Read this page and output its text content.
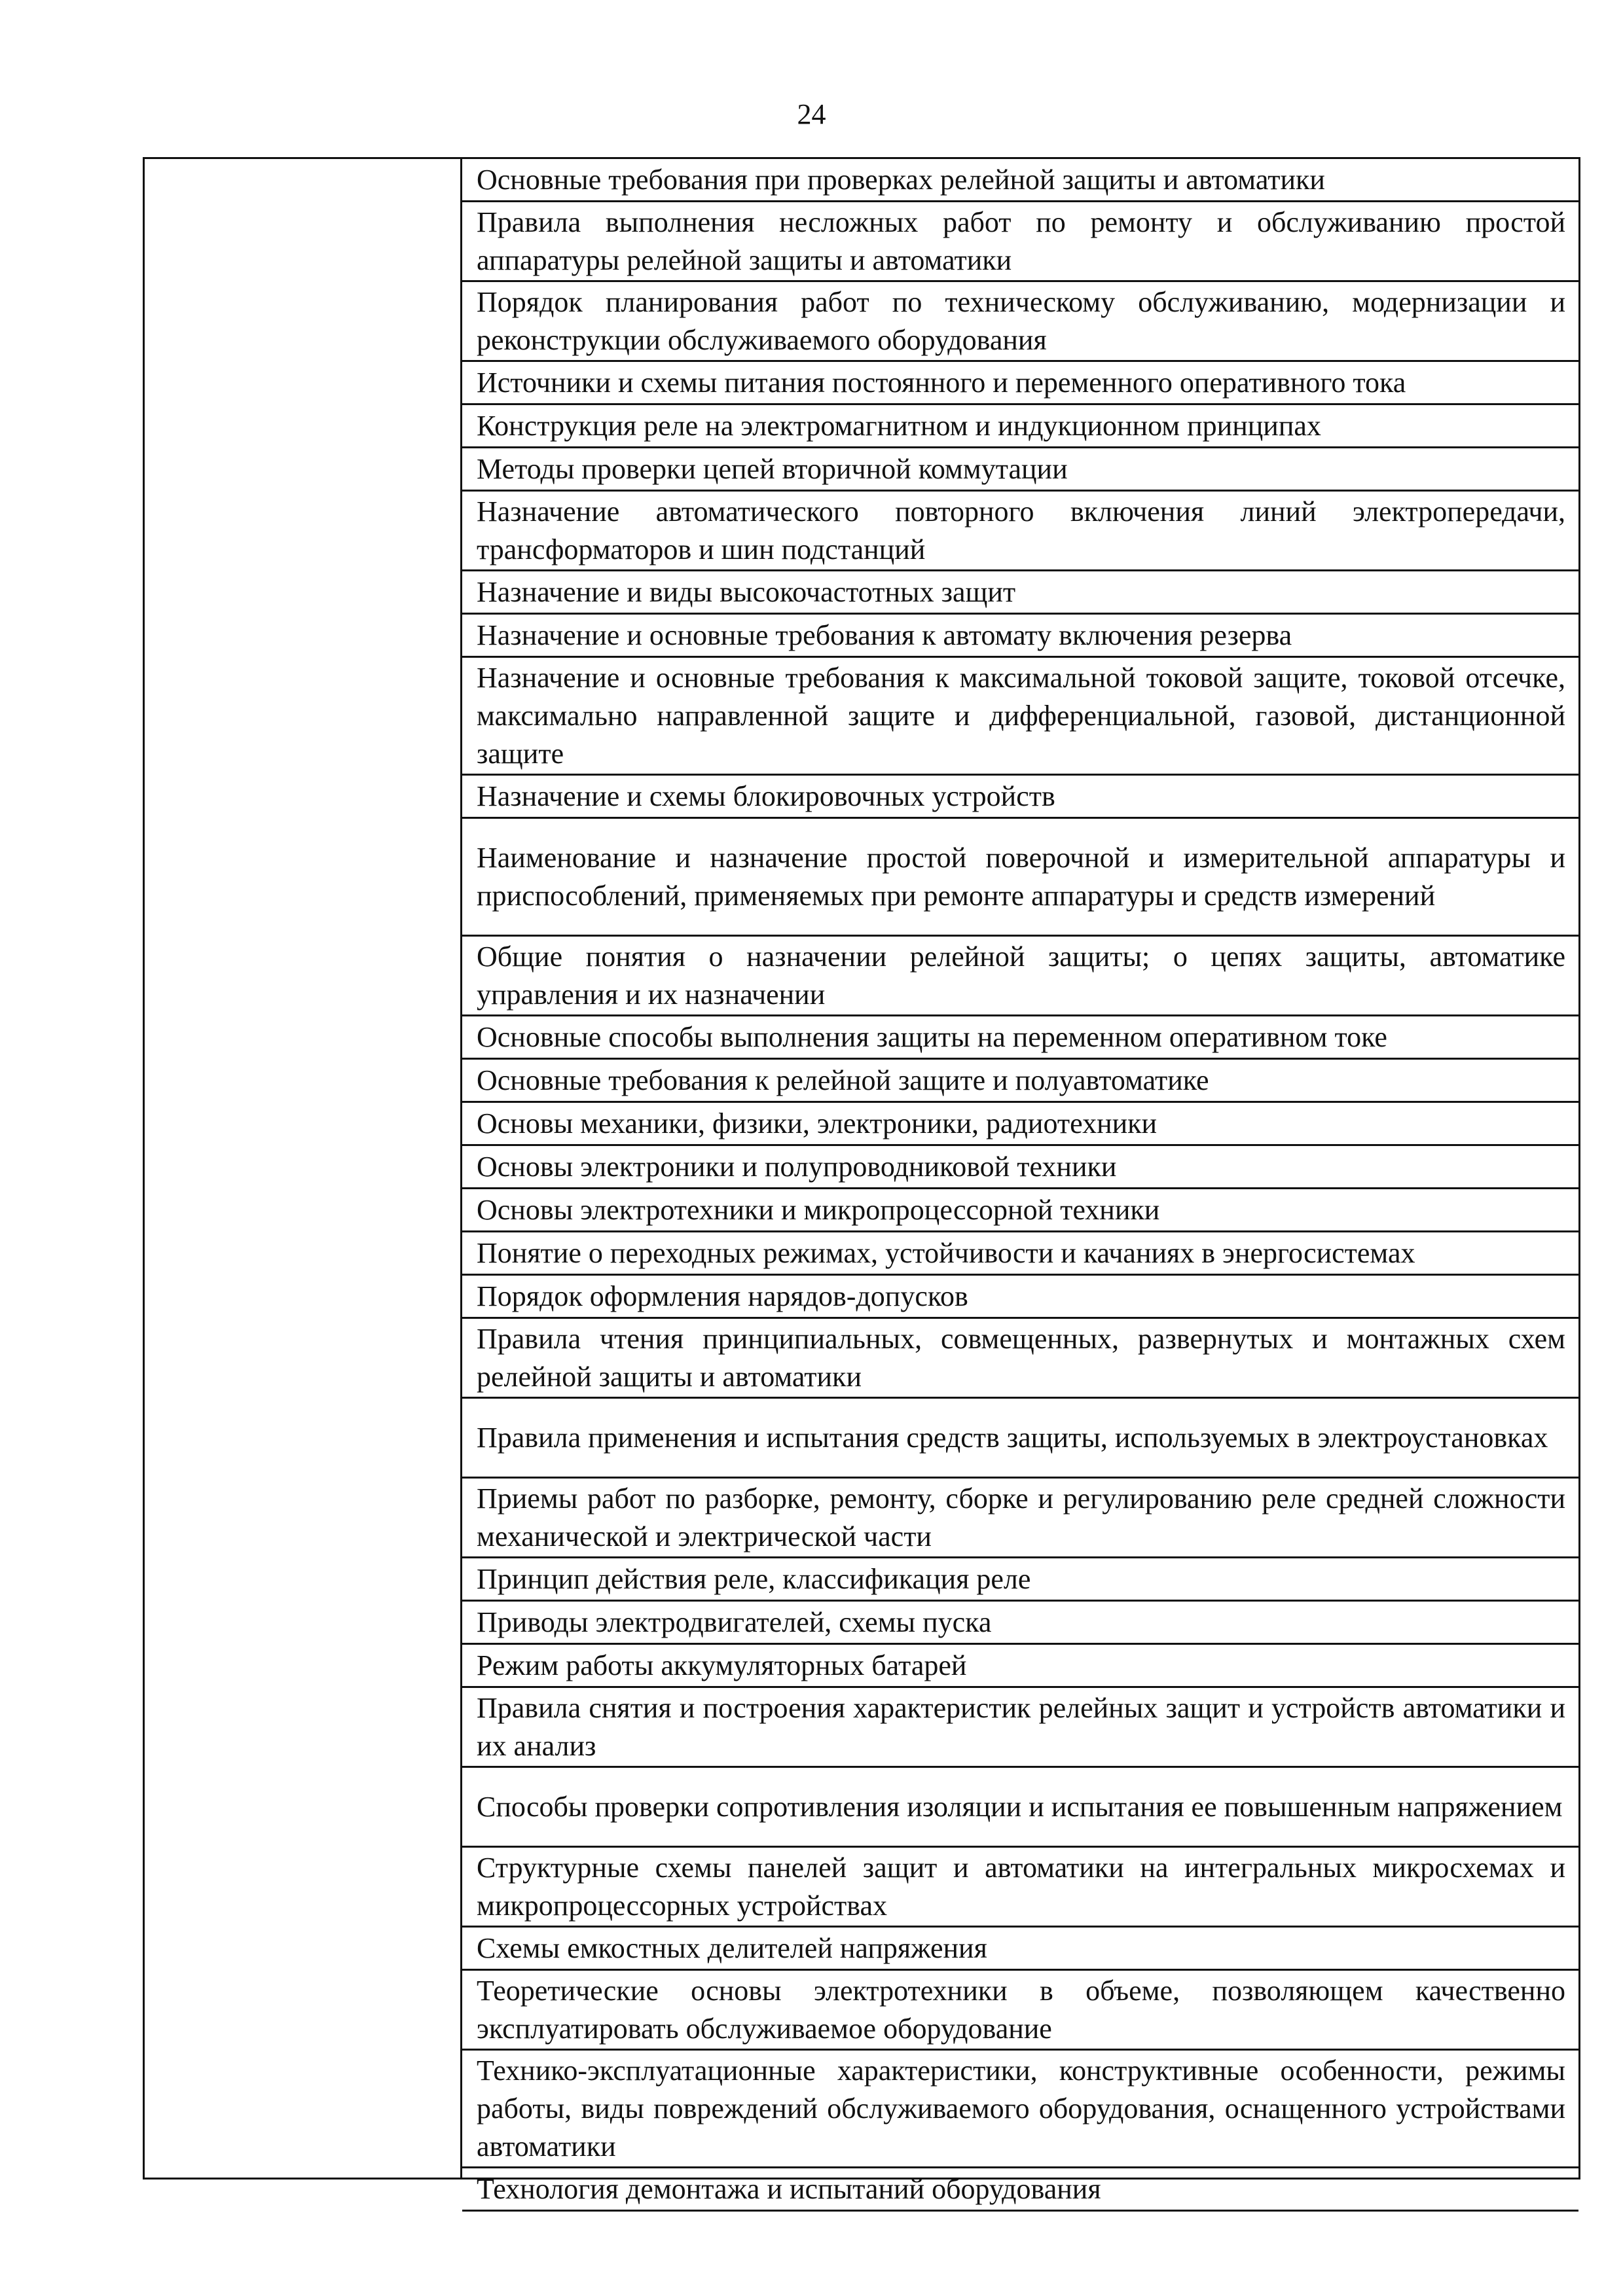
24
Основные требования при проверках релейной защиты и автоматики
Правила выполнения несложных работ по ремонту и обслуживанию простой аппаратуры релейной защиты и автоматики
Порядок планирования работ по техническому обслуживанию, модернизации и реконструкции обслуживаемого оборудования
Источники и схемы питания постоянного и переменного оперативного тока
Конструкция реле на электромагнитном и индукционном принципах
Методы проверки цепей вторичной коммутации
Назначение автоматического повторного включения линий электропередачи, трансформаторов и шин подстанций
Назначение и виды высокочастотных защит
Назначение и основные требования к автомату включения резерва
Назначение и основные требования к максимальной токовой защите, токовой отсечке, максимально направленной защите и дифференциальной, газовой, дистанционной защите
Назначение и схемы блокировочных устройств
Наименование и назначение простой поверочной и измерительной аппаратуры и приспособлений, применяемых при ремонте аппаратуры и средств измерений
Общие понятия о назначении релейной защиты; о цепях защиты, автоматике управления и их назначении
Основные способы выполнения защиты на переменном оперативном токе
Основные требования к релейной защите и полуавтоматике
Основы механики, физики, электроники, радиотехники
Основы электроники и полупроводниковой техники
Основы электротехники и микропроцессорной техники
Понятие о переходных режимах, устойчивости и качаниях в энергосистемах
Порядок оформления нарядов-допусков
Правила чтения принципиальных, совмещенных, развернутых и монтажных схем релейной защиты и автоматики
Правила применения и испытания средств защиты, используемых в электроустановках
Приемы работ по разборке, ремонту, сборке и регулированию реле средней сложности механической и электрической части
Принцип действия реле, классификация реле
Приводы электродвигателей, схемы пуска
Режим работы аккумуляторных батарей
Правила снятия и построения характеристик релейных защит и устройств автоматики и их анализ
Способы проверки сопротивления изоляции и испытания ее повышенным напряжением
Структурные схемы панелей защит и автоматики на интегральных микросхемах и микропроцессорных устройствах
Схемы емкостных делителей напряжения
Теоретические основы электротехники в объеме, позволяющем качественно эксплуатировать обслуживаемое оборудование
Технико-эксплуатационные характеристики, конструктивные особенности, режимы работы, виды повреждений обслуживаемого оборудования, оснащенного устройствами автоматики
Технология демонтажа и испытаний оборудования
